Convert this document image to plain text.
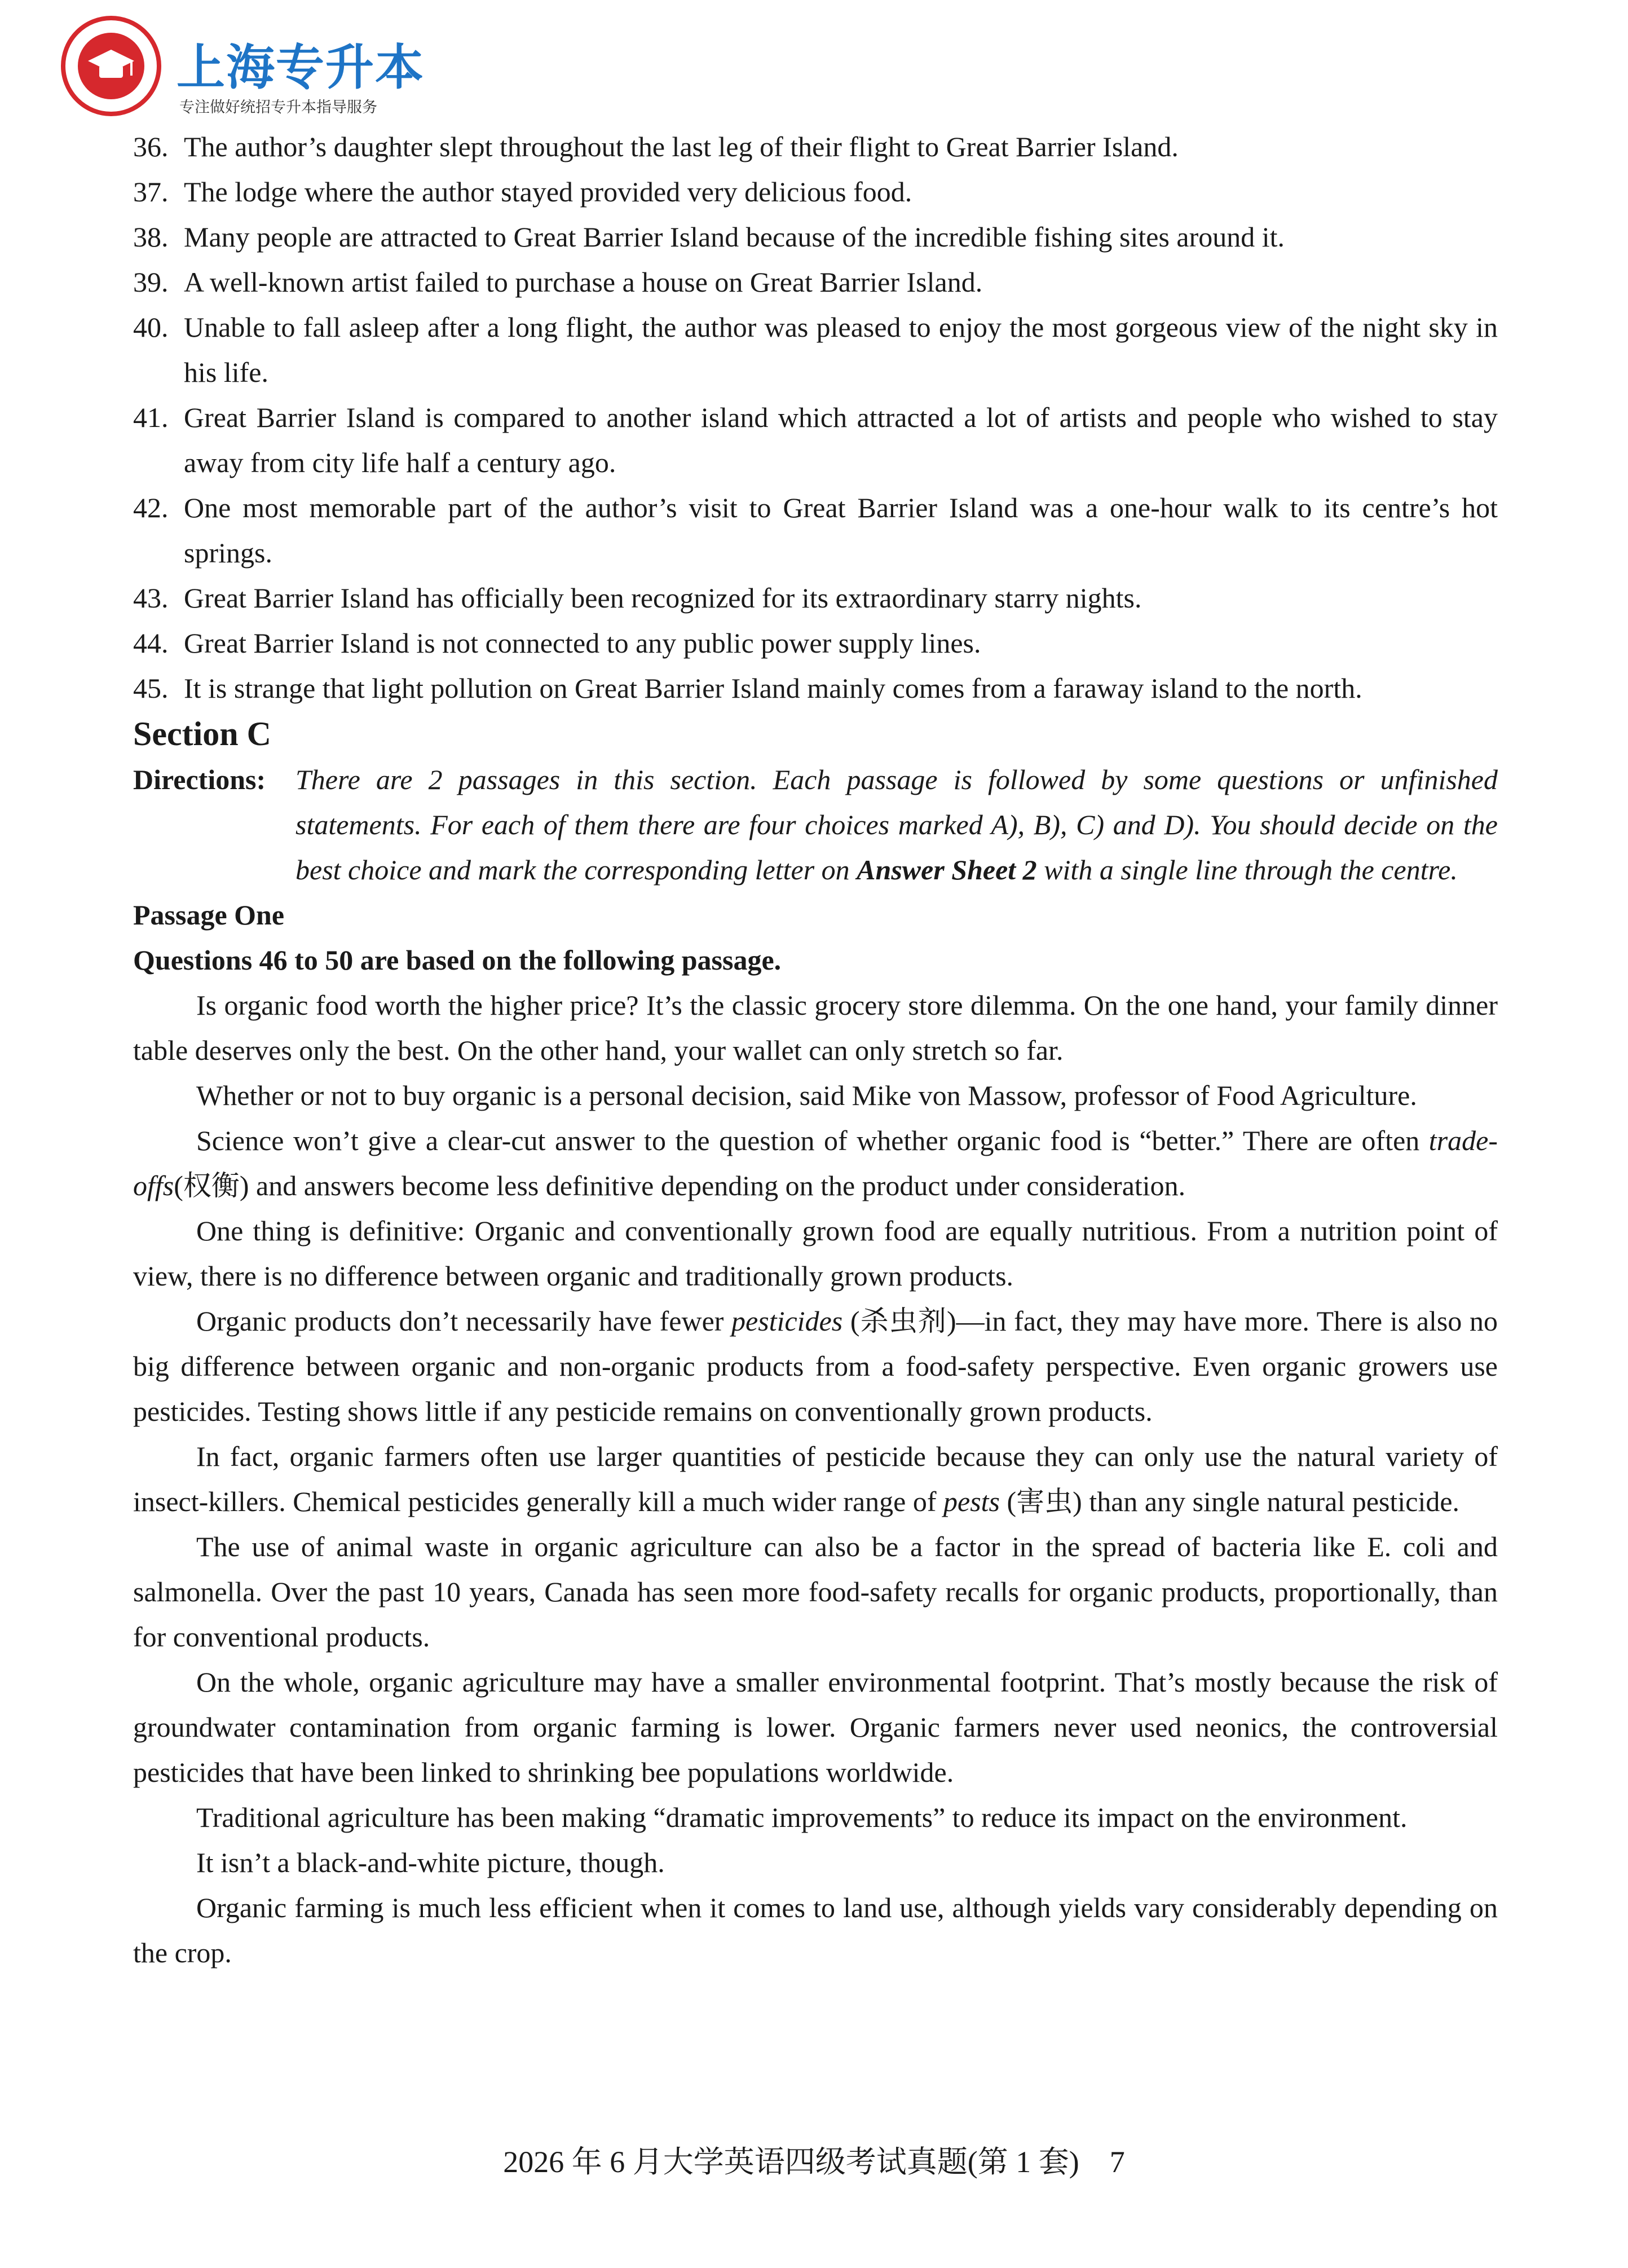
上海专升本
专注做好统招专升本指导服务
36. The author’s daughter slept throughout the last leg of their flight to Great Barrier Island.
37. The lodge where the author stayed provided very delicious food.
38. Many people are attracted to Great Barrier Island because of the incredible fishing sites around it.
39. A well-known artist failed to purchase a house on Great Barrier Island.
40. Unable to fall asleep after a long flight, the author was pleased to enjoy the most gorgeous view of the night sky in his life.
41. Great Barrier Island is compared to another island which attracted a lot of artists and people who wished to stay away from city life half a century ago.
42. One most memorable part of the author’s visit to Great Barrier Island was a one-hour walk to its centre’s hot springs.
43. Great Barrier Island has officially been recognized for its extraordinary starry nights.
44. Great Barrier Island is not connected to any public power supply lines.
45. It is strange that light pollution on Great Barrier Island mainly comes from a faraway island to the north.
Section C
Directions: There are 2 passages in this section. Each passage is followed by some questions or unfinished statements. For each of them there are four choices marked A), B), C) and D). You should decide on the best choice and mark the corresponding letter on Answer Sheet 2 with a single line through the centre.
Passage One
Questions 46 to 50 are based on the following passage.
Is organic food worth the higher price? It’s the classic grocery store dilemma. On the one hand, your family dinner table deserves only the best. On the other hand, your wallet can only stretch so far.
Whether or not to buy organic is a personal decision, said Mike von Massow, professor of Food Agriculture.
Science won’t give a clear-cut answer to the question of whether organic food is “better.” There are often trade-offs(权衡) and answers become less definitive depending on the product under consideration.
One thing is definitive: Organic and conventionally grown food are equally nutritious. From a nutrition point of view, there is no difference between organic and traditionally grown products.
Organic products don’t necessarily have fewer pesticides (杀虫剂)—in fact, they may have more. There is also no big difference between organic and non-organic products from a food-safety perspective. Even organic growers use pesticides. Testing shows little if any pesticide remains on conventionally grown products.
In fact, organic farmers often use larger quantities of pesticide because they can only use the natural variety of insect-killers. Chemical pesticides generally kill a much wider range of pests (害虫) than any single natural pesticide.
The use of animal waste in organic agriculture can also be a factor in the spread of bacteria like E. coli and salmonella. Over the past 10 years, Canada has seen more food-safety recalls for organic products, proportionally, than for conventional products.
On the whole, organic agriculture may have a smaller environmental footprint. That’s mostly because the risk of groundwater contamination from organic farming is lower. Organic farmers never used neonics, the controversial pesticides that have been linked to shrinking bee populations worldwide.
Traditional agriculture has been making “dramatic improvements” to reduce its impact on the environment.
It isn’t a black-and-white picture, though.
Organic farming is much less efficient when it comes to land use, although yields vary considerably depending on the crop.
2026 年 6 月大学英语四级考试真题(第 1 套) 7
